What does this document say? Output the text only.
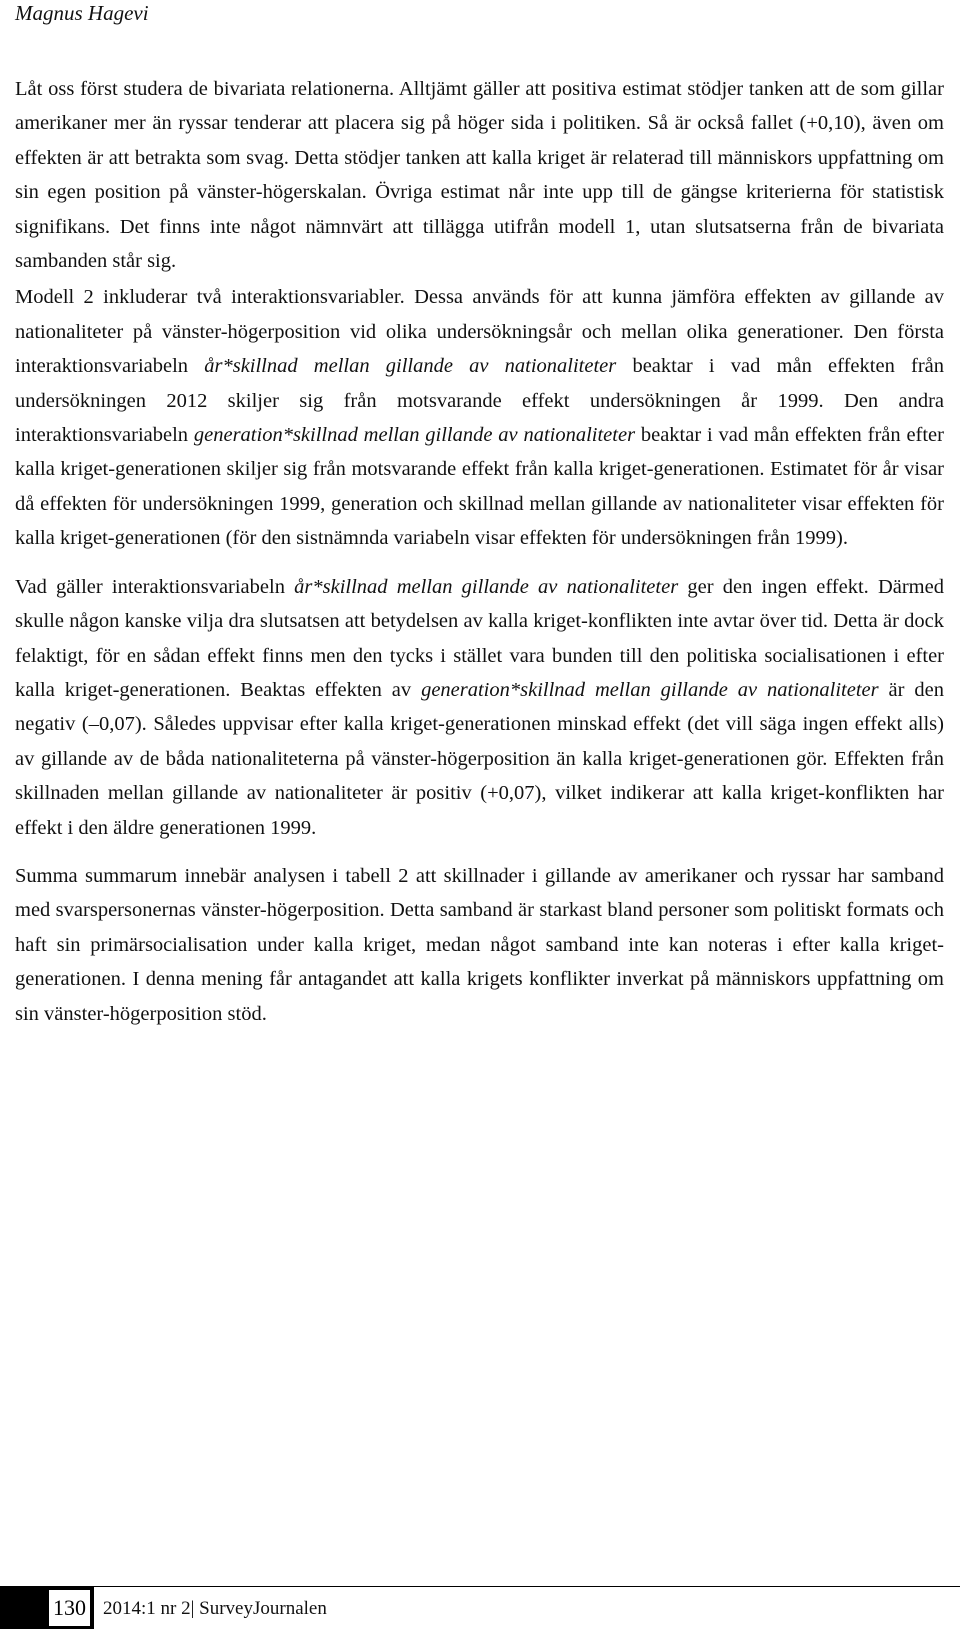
Magnus Hagevi

Låt oss först studera de bivariata relationerna. Alltjämt gäller att positiva estimat stödjer tanken att de som gillar amerikaner mer än ryssar tenderar att placera sig på höger sida i politiken. Så är också fallet (+0,10), även om effekten är att betrakta som svag. Detta stödjer tanken att kalla kriget är relaterad till människors uppfattning om sin egen position på vänster-högerskalan. Övriga estimat når inte upp till de gängse kriterierna för statistisk signifikans. Det finns inte något nämnvärt att tillägga utifrån modell 1, utan slutsatserna från de bivariata sambanden står sig.

Modell 2 inkluderar två interaktionsvariabler. Dessa används för att kunna jämföra effekten av gillande av nationaliteter på vänster-högerposition vid olika undersökningsår och mellan olika generationer. Den första interaktionsvariabeln år*skillnad mellan gillande av nationaliteter beaktar i vad mån effekten från undersökningen 2012 skiljer sig från motsvarande effekt undersökningen år 1999. Den andra interaktionsvariabeln generation*skillnad mellan gillande av nationaliteter beaktar i vad mån effekten från efter kalla kriget-generationen skiljer sig från motsvarande effekt från kalla kriget-generationen. Estimatet för år visar då effekten för undersökningen 1999, generation och skillnad mellan gillande av nationaliteter visar effekten för kalla kriget-generationen (för den sistnämnda variabeln visar effekten för undersökningen från 1999).

Vad gäller interaktionsvariabeln år*skillnad mellan gillande av nationaliteter ger den ingen effekt. Därmed skulle någon kanske vilja dra slutsatsen att betydelsen av kalla kriget-konflikten inte avtar över tid. Detta är dock felaktigt, för en sådan effekt finns men den tycks i stället vara bunden till den politiska socialisationen i efter kalla kriget-generationen. Beaktas effekten av generation*skillnad mellan gillande av nationaliteter är den negativ (–0,07). Således uppvisar efter kalla kriget-generationen minskad effekt (det vill säga ingen effekt alls) av gillande av de båda nationaliteterna på vänster-högerposition än kalla kriget-generationen gör. Effekten från skillnaden mellan gillande av nationaliteter är positiv (+0,07), vilket indikerar att kalla kriget-konflikten har effekt i den äldre generationen 1999.

Summa summarum innebär analysen i tabell 2 att skillnader i gillande av amerikaner och ryssar har samband med svarspersonernas vänster-högerposition. Detta samband är starkast bland personer som politiskt formats och haft sin primärsocialisation under kalla kriget, medan något samband inte kan noteras i efter kalla kriget-generationen. I denna mening får antagandet att kalla krigets konflikter inverkat på människors uppfattning om sin vänster-högerposition stöd.

130 2014:1 nr 2| SurveyJournalen
